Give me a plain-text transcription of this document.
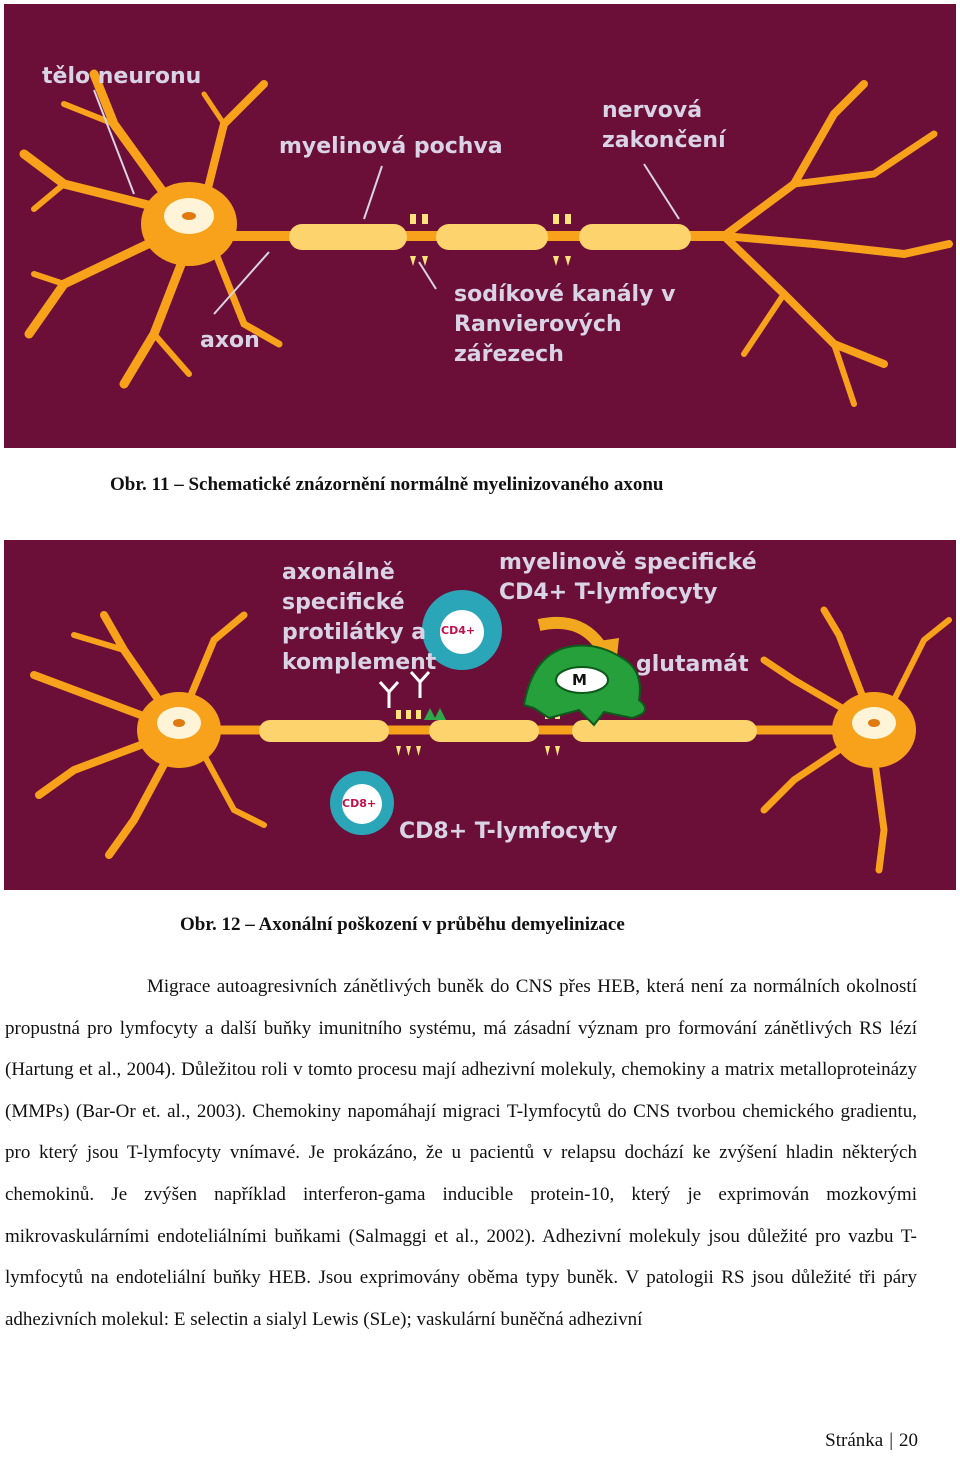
tělo neuronu
myelinová pochva
nervová
zakončení
sodíkové kanály v
Ranvierových
zářezech
axon
Obr. 11 – Schematické znázornění normálně myelinizovaného axonu
axonálně
specifické
protilátky a
komplement
myelinově specifické
CD4+ T-lymfocyty
glutamát
CD8+ T-lymfocyty
CD4+
M
CD8+
Obr. 12 – Axonální poškození v průběhu demyelinizace

Migrace autoagresivních zánětlivých buněk do CNS přes HEB, která není za normálních okolností propustná pro lymfocyty a další buňky imunitního systému, má zásadní význam pro formování zánětlivých RS lézí (Hartung et al., 2004). Důležitou roli v tomto procesu mají adhezivní molekuly, chemokiny a matrix metalloproteinázy (MMPs) (Bar-Or et. al., 2003). Chemokiny napomáhají migraci T-lymfocytů do CNS tvorbou chemického gradientu, pro který jsou T-lymfocyty vnímavé. Je prokázáno, že u pacientů v relapsu dochází ke zvýšení hladin některých chemokinů. Je zvýšen například interferon-gama inducible protein-10, který je exprimován mozkovými mikrovaskulárními endoteliálními buňkami (Salmaggi et al., 2002). Adhezivní molekuly jsou důležité pro vazbu T-lymfocytů na endoteliální buňky HEB. Jsou exprimovány oběma typy buněk. V patologii RS jsou důležité tři páry adhezivních molekul: E selectin a sialyl Lewis (SLe); vaskulární buněčná adhezivní

Stránka | 20
